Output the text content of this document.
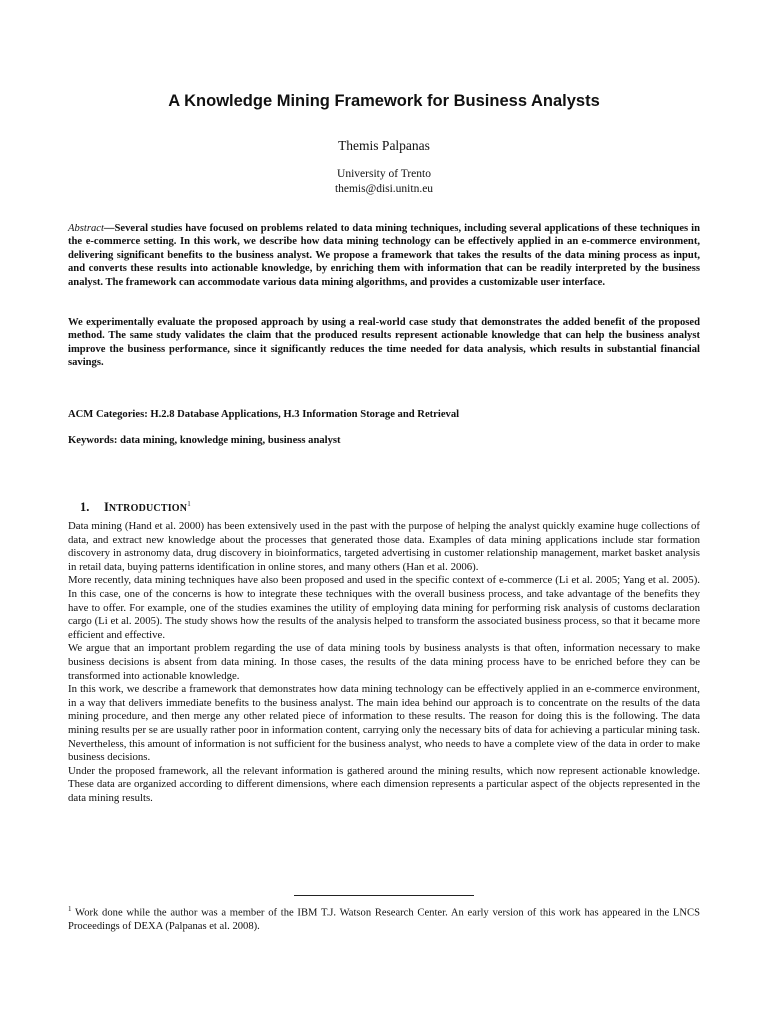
A Knowledge Mining Framework for Business Analysts
Themis Palpanas
University of Trento
themis@disi.unitn.eu
Abstract—Several studies have focused on problems related to data mining techniques, including several applications of these techniques in the e-commerce setting. In this work, we describe how data mining technology can be effectively applied in an e-commerce environment, delivering significant benefits to the business analyst. We propose a framework that takes the results of the data mining process as input, and converts these results into actionable knowledge, by enriching them with information that can be readily interpreted by the business analyst. The framework can accommodate various data mining algorithms, and provides a customizable user interface.
We experimentally evaluate the proposed approach by using a real-world case study that demonstrates the added benefit of the proposed method. The same study validates the claim that the produced results represent actionable knowledge that can help the business analyst improve the business performance, since it significantly reduces the time needed for data analysis, which results in substantial financial savings.
ACM Categories: H.2.8 Database Applications, H.3 Information Storage and Retrieval
Keywords: data mining, knowledge mining, business analyst
1. INTRODUCTION$^1$

Data mining (Hand et al. 2000) has been extensively used in the past with the purpose of helping the analyst quickly examine huge collections of data, and extract new knowledge about the processes that generated those data. Examples of data mining applications include star formation discovery in astronomy data, drug discovery in bioinformatics, targeted advertising in customer relationship management, market basket analysis in retail data, buying patterns identification in online stores, and many others (Han et al. 2006).

More recently, data mining techniques have also been proposed and used in the specific context of e-commerce (Li et al. 2005; Yang et al. 2005). In this case, one of the concerns is how to integrate these techniques with the overall business process, and take advantage of the benefits they have to offer. For example, one of the studies examines the utility of employing data mining for performing risk analysis of customs declaration cargo (Li et al. 2005). The study shows how the results of the analysis helped to transform the associated business process, so that it became more efficient and effective.

We argue that an important problem regarding the use of data mining tools by business analysts is that often, information necessary to make business decisions is absent from data mining. In those cases, the results of the data mining process have to be enriched before they can be transformed into actionable knowledge.

In this work, we describe a framework that demonstrates how data mining technology can be effectively applied in an e-commerce environment, in a way that delivers immediate benefits to the business analyst. The main idea behind our approach is to concentrate on the results of the data mining procedure, and then merge any other related piece of information to these results. The reason for doing this is the following. The data mining results per se are usually rather poor in information content, carrying only the necessary bits of data for achieving a particular mining task. Nevertheless, this amount of information is not sufficient for the business analyst, who needs to have a complete view of the data in order to make business decisions.

Under the proposed framework, all the relevant information is gathered around the mining results, which now represent actionable knowledge. These data are organized according to different dimensions, where each dimension represents a particular aspect of the objects represented in the data mining results.

$^1$ Work done while the author was a member of the IBM T.J. Watson Research Center. An early version of this work has appeared in the LNCS Proceedings of DEXA (Palpanas et al. 2008).
